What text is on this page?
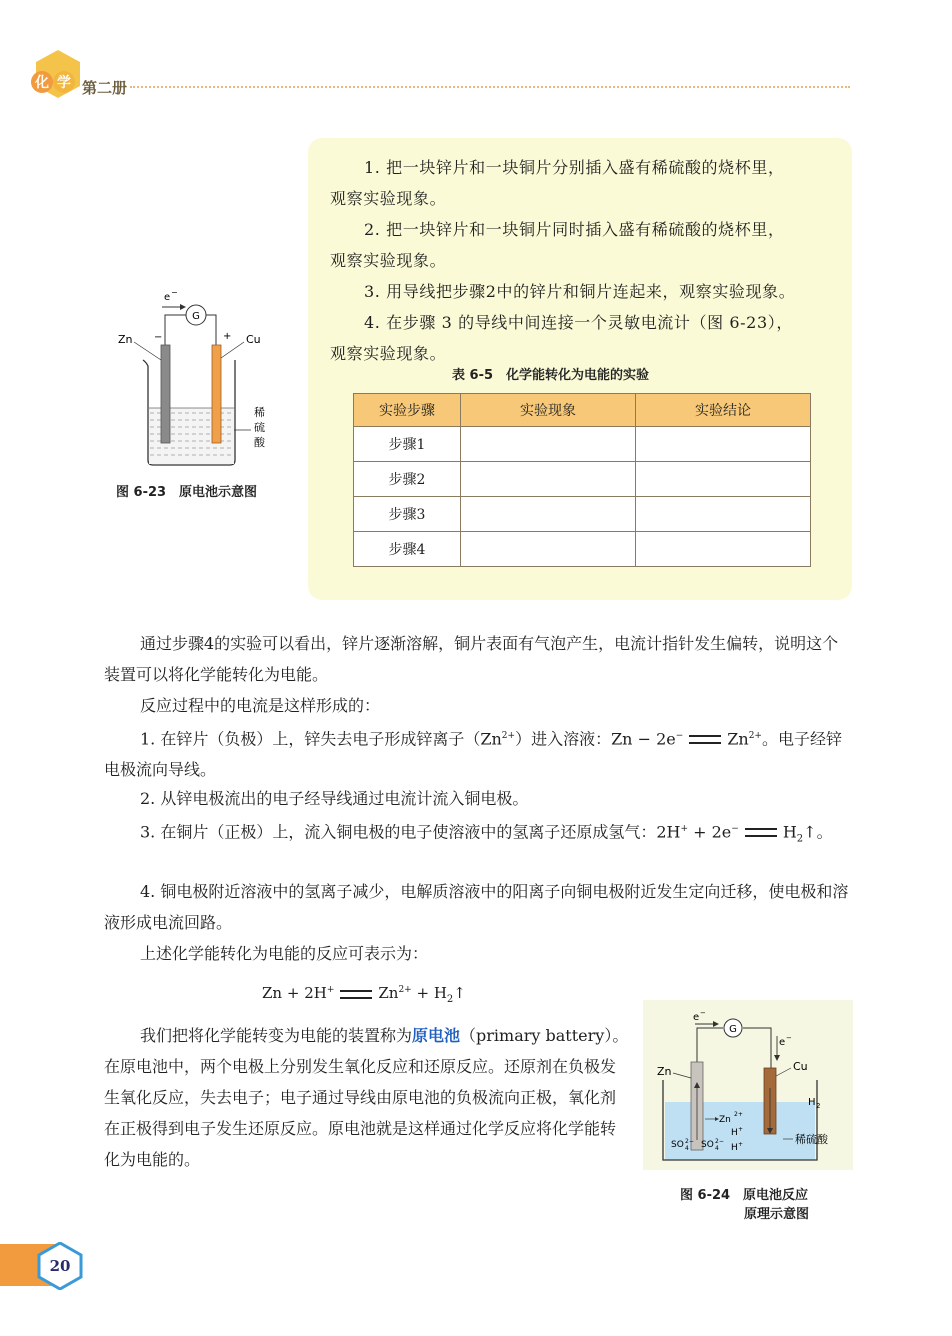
化 学 第二册
1. 把一块锌片和一块铜片分别插入盛有稀硫酸的烧杯里，
观察实验现象。
2. 把一块锌片和一块铜片同时插入盛有稀硫酸的烧杯里，
观察实验现象。
3. 用导线把步骤2中的锌片和铜片连起来，观察实验现象。
4. 在步骤 3 的导线中间连接一个灵敏电流计（图 6-23），
观察实验现象。
表 6-5　化学能转化为电能的实验
实验步骤	实验现象	实验结论
步骤1		
步骤2		
步骤3		
步骤4		
G
e −
Zn −	+ Cu
稀
硫
酸
图 6-23　原电池示意图
通过步骤4的实验可以看出，锌片逐渐溶解，铜片表面有气泡产生，电流计指针发生偏转，说明这个装置可以将化学能转化为电能。
反应过程中的电流是这样形成的：
1. 在锌片（负极）上，锌失去电子形成锌离子$(Zn^{2+})$进入溶液：Zn − 2e−	$Zn^{2+}$。电子经锌电极流向导线。
2. 从锌电极流出的电子经导线通过电流计流入铜电极。
3. 在铜片（正极）上，流入铜电极的电子使溶液中的氢离子还原成氢气：2H+ + 2e−	$H_2↑$。
4. 铜电极附近溶液中的氢离子减少，电解质溶液中的阳离子向铜电极附近发生定向迁移，使电极和溶液形成电流回路。
上述化学能转化为电能的反应可表示为：
Zn + 2H+	$Zn^{2+}$ + $H_2↑$
我们把将化学能转变为电能的装置称为原电池（primary battery）。在原电池中，两个电极上分别发生氧化反应和还原反应。还原剂在负极发生氧化反应，失去电子；电子通过导线由原电池的负极流向正极，氧化剂在正极得到电子发生还原反应。原电池就是这样通过化学反应将化学能转化为电能的。
G
e −
e −
Zn	Cu
H 2
Zn
2+
H +
SO 2−
4 SO 2−
4 H +	稀硫酸
图 6-24　原电池反应
原理示意图
20
